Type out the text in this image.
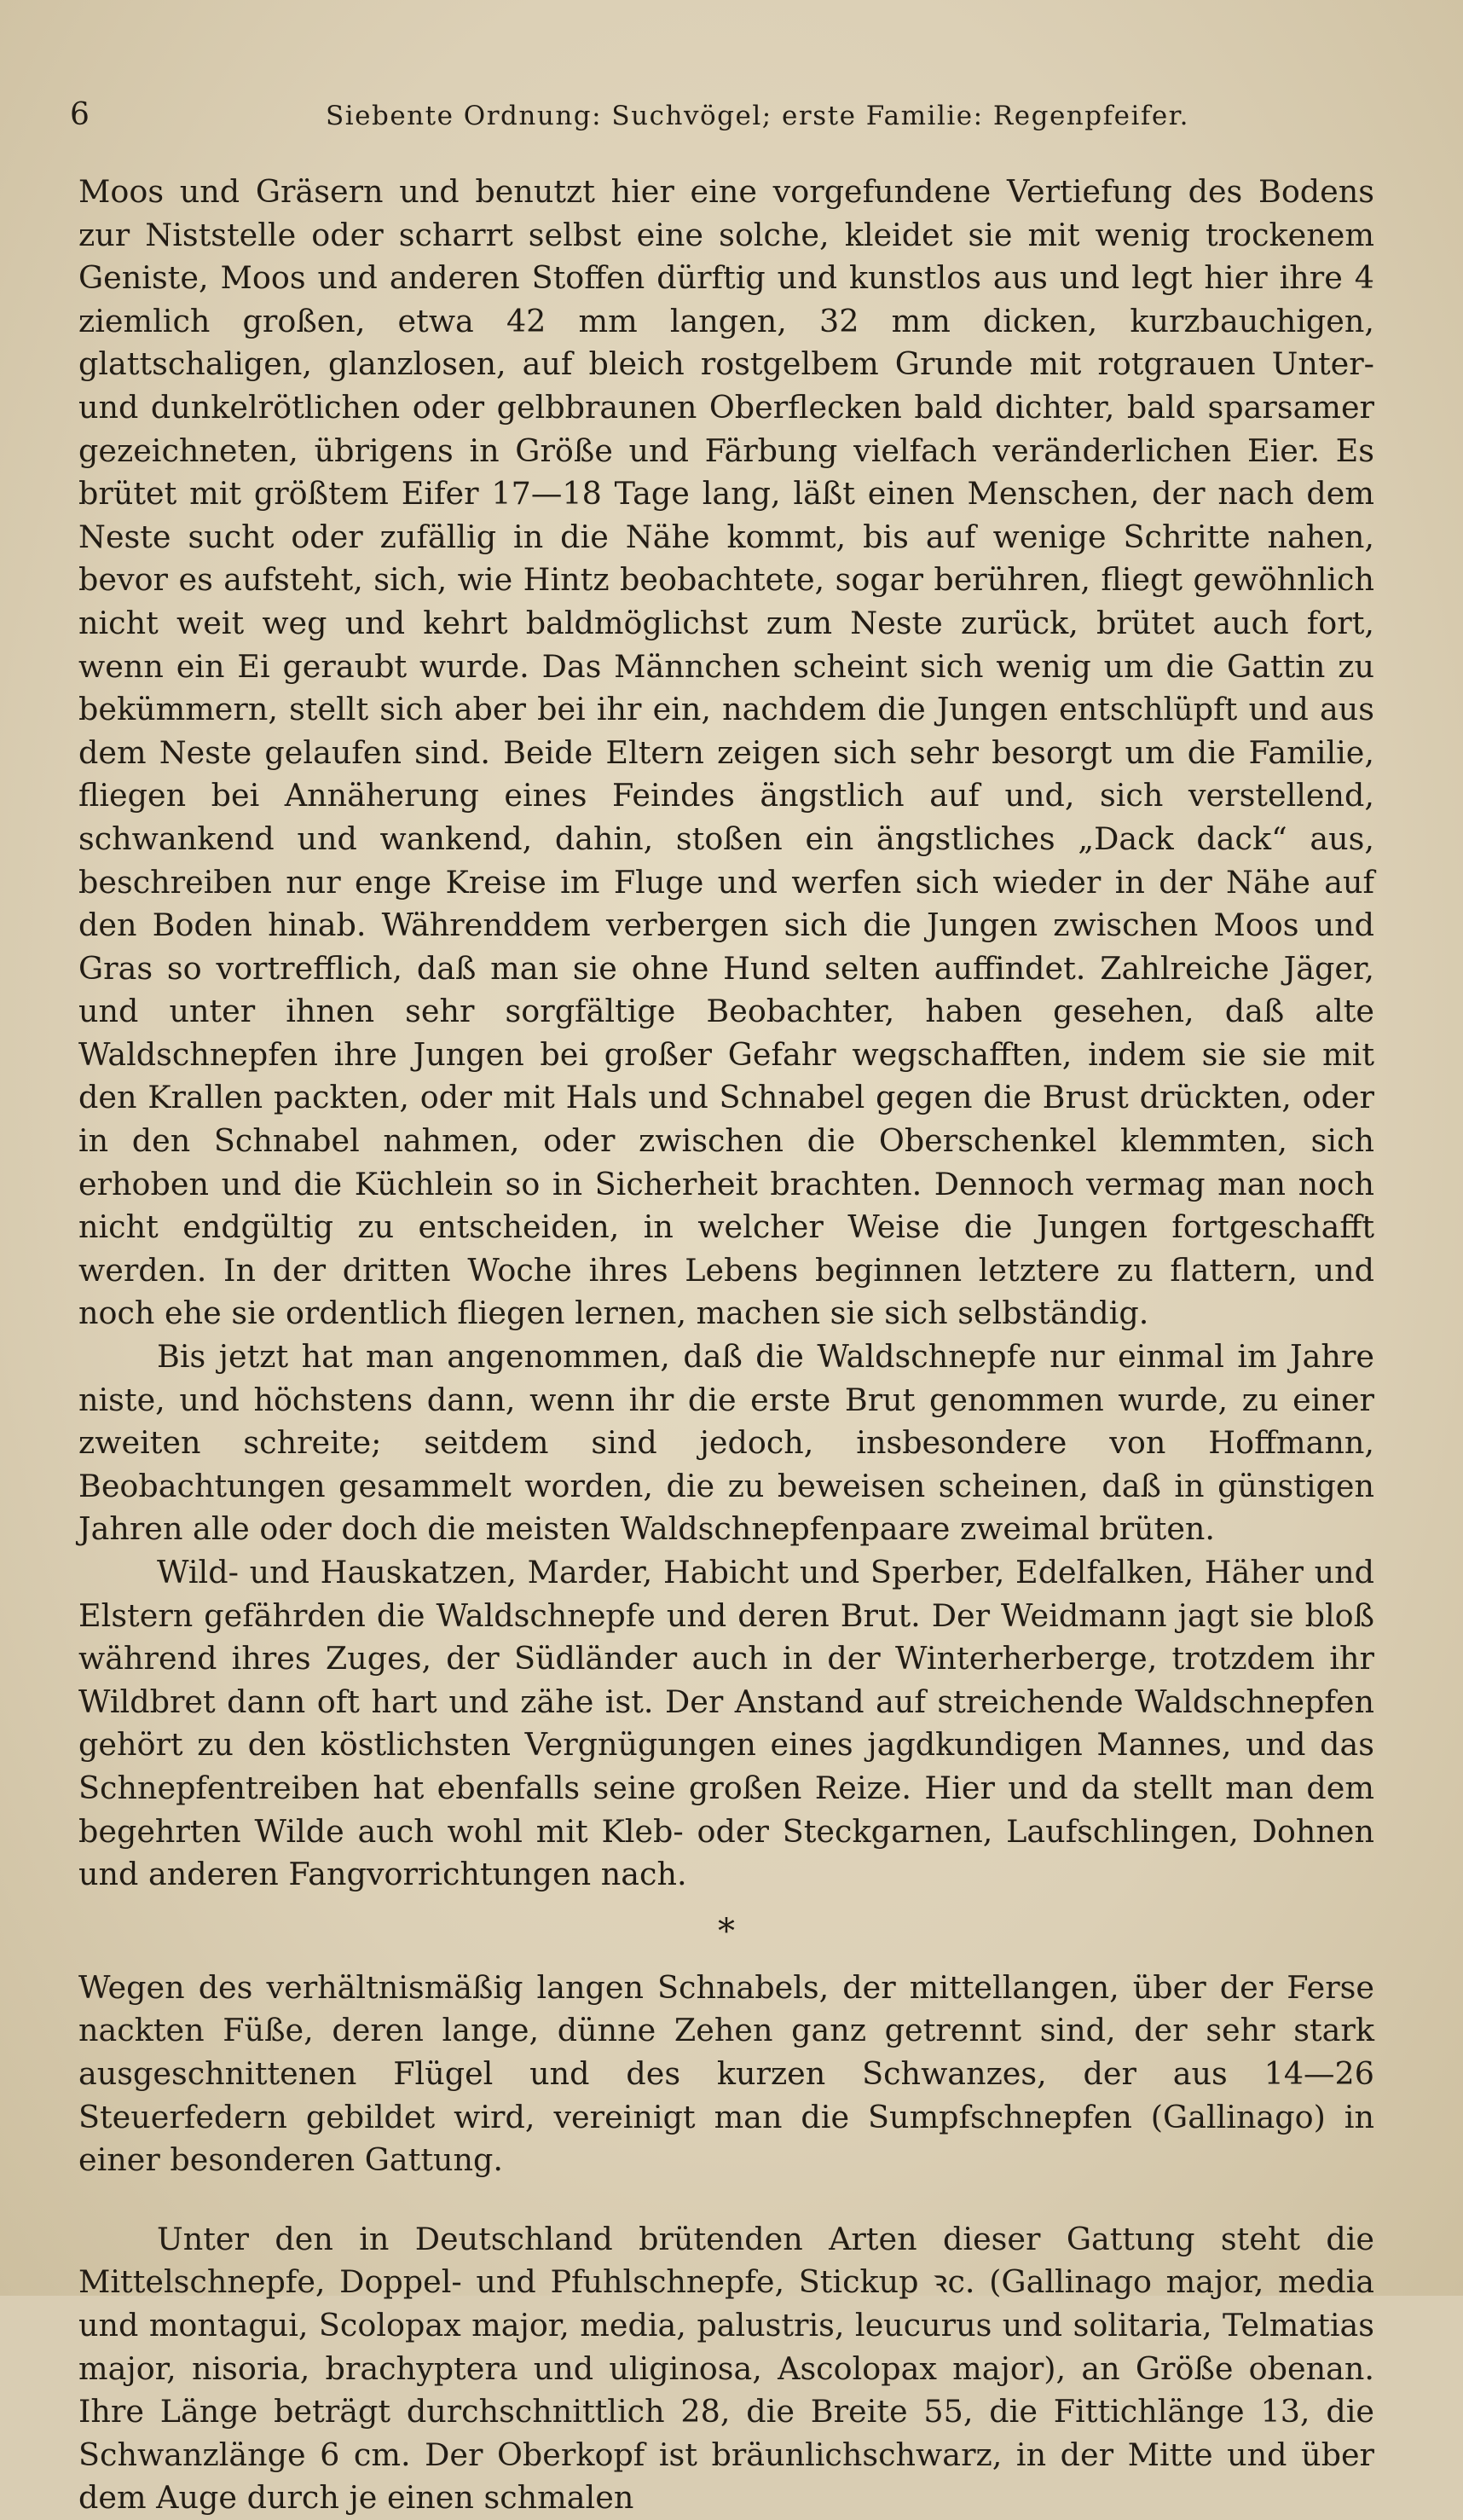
6	Siebente Ordnung: Suchvögel; erste Familie: Regenpfeifer.

Moos und Gräsern und benutzt hier eine vorgefundene Vertiefung des Bodens zur Niststelle oder scharrt selbst eine solche, kleidet sie mit wenig trockenem Geniste, Moos und anderen Stoffen dürftig und kunstlos aus und legt hier ihre 4 ziemlich großen, etwa 42 mm langen, 32 mm dicken, kurzbauchigen, glattschaligen, glanzlosen, auf bleich rostgelbem Grunde mit rotgrauen Unter- und dunkelrötlichen oder gelbbraunen Oberflecken bald dichter, bald sparsamer gezeichneten, übrigens in Größe und Färbung vielfach veränderlichen Eier. Es brütet mit größtem Eifer 17—18 Tage lang, läßt einen Menschen, der nach dem Neste sucht oder zufällig in die Nähe kommt, bis auf wenige Schritte nahen, bevor es aufsteht, sich, wie Hintz beobachtete, sogar berühren, fliegt gewöhnlich nicht weit weg und kehrt baldmöglichst zum Neste zurück, brütet auch fort, wenn ein Ei geraubt wurde. Das Männchen scheint sich wenig um die Gattin zu bekümmern, stellt sich aber bei ihr ein, nachdem die Jungen entschlüpft und aus dem Neste gelaufen sind. Beide Eltern zeigen sich sehr besorgt um die Familie, fliegen bei Annäherung eines Feindes ängstlich auf und, sich verstellend, schwankend und wankend, dahin, stoßen ein ängstliches „Dack dack“ aus, beschreiben nur enge Kreise im Fluge und werfen sich wieder in der Nähe auf den Boden hinab. Währenddem verbergen sich die Jungen zwischen Moos und Gras so vortrefflich, daß man sie ohne Hund selten auffindet. Zahlreiche Jäger, und unter ihnen sehr sorgfältige Beobachter, haben gesehen, daß alte Waldschnepfen ihre Jungen bei großer Gefahr wegschafften, indem sie sie mit den Krallen packten, oder mit Hals und Schnabel gegen die Brust drückten, oder in den Schnabel nahmen, oder zwischen die Oberschenkel klemmten, sich erhoben und die Küchlein so in Sicherheit brachten. Dennoch vermag man noch nicht endgültig zu entscheiden, in welcher Weise die Jungen fortgeschafft werden. In der dritten Woche ihres Lebens beginnen letztere zu flattern, und noch ehe sie ordentlich fliegen lernen, machen sie sich selbständig.

Bis jetzt hat man angenommen, daß die Waldschnepfe nur einmal im Jahre niste, und höchstens dann, wenn ihr die erste Brut genommen wurde, zu einer zweiten schreite; seitdem sind jedoch, insbesondere von Hoffmann, Beobachtungen gesammelt worden, die zu beweisen scheinen, daß in günstigen Jahren alle oder doch die meisten Waldschnepfenpaare zweimal brüten.

Wild- und Hauskatzen, Marder, Habicht und Sperber, Edelfalken, Häher und Elstern gefährden die Waldschnepfe und deren Brut. Der Weidmann jagt sie bloß während ihres Zuges, der Südländer auch in der Winterherberge, trotzdem ihr Wildbret dann oft hart und zähe ist. Der Anstand auf streichende Waldschnepfen gehört zu den köstlichsten Vergnügungen eines jagdkundigen Mannes, und das Schnepfentreiben hat ebenfalls seine großen Reize. Hier und da stellt man dem begehrten Wilde auch wohl mit Kleb- oder Steckgarnen, Laufschlingen, Dohnen und anderen Fangvorrichtungen nach.

*

Wegen des verhältnismäßig langen Schnabels, der mittellangen, über der Ferse nackten Füße, deren lange, dünne Zehen ganz getrennt sind, der sehr stark ausgeschnittenen Flügel und des kurzen Schwanzes, der aus 14—26 Steuerfedern gebildet wird, vereinigt man die Sumpfschnepfen (Gallinago) in einer besonderen Gattung.

Unter den in Deutschland brütenden Arten dieser Gattung steht die Mittelschnepfe, Doppel- und Pfuhlschnepfe, Stickup ꝛc. (Gallinago major, media und montagui, Scolopax major, media, palustris, leucurus und solitaria, Telmatias major, nisoria, brachyptera und uliginosa, Ascolopax major), an Größe obenan. Ihre Länge beträgt durchschnittlich 28, die Breite 55, die Fittichlänge 13, die Schwanzlänge 6 cm. Der Oberkopf ist bräunlichschwarz, in der Mitte und über dem Auge durch je einen schmalen
